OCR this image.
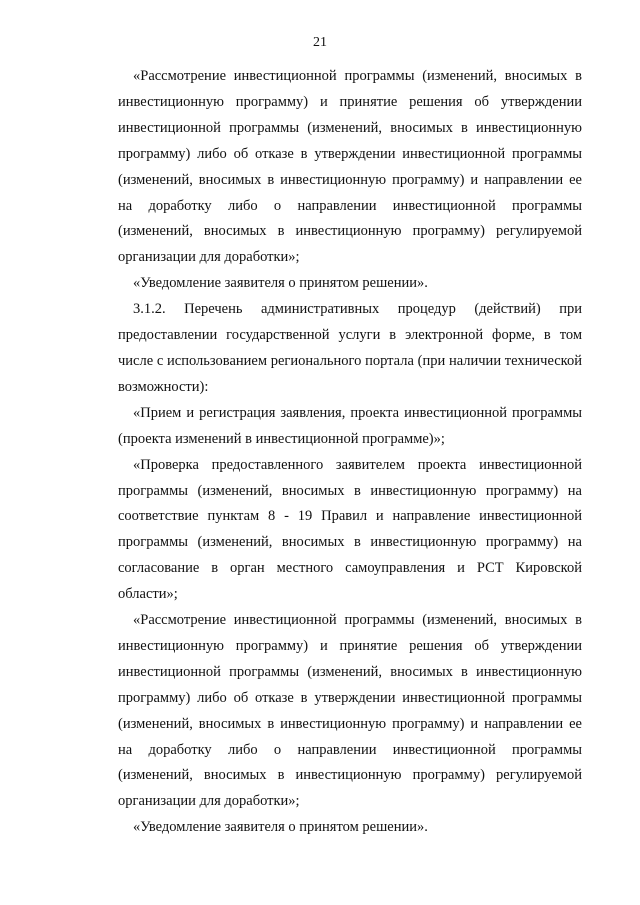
21

«Рассмотрение инвестиционной программы (изменений, вносимых в инвестиционную программу) и принятие решения об утверждении инвестиционной программы (изменений, вносимых в инвестиционную программу) либо об отказе в утверждении инвестиционной программы (изменений, вносимых в инвестиционную программу) и направлении ее на доработку либо о направлении инвестиционной программы (изменений, вносимых в инвестиционную программу) регулируемой организации для доработки»;

«Уведомление заявителя о принятом решении».

3.1.2. Перечень административных процедур (действий) при предоставлении государственной услуги в электронной форме, в том числе с использованием регионального портала (при наличии технической возможности):

«Прием и регистрация заявления, проекта инвестиционной программы (проекта изменений в инвестиционной программе)»;

«Проверка предоставленного заявителем проекта инвестиционной программы (изменений, вносимых в инвестиционную программу) на соответствие пунктам 8 - 19 Правил и направление инвестиционной программы (изменений, вносимых в инвестиционную программу) на согласование в орган местного самоуправления и РСТ Кировской области»;

«Рассмотрение инвестиционной программы (изменений, вносимых в инвестиционную программу) и принятие решения об утверждении инвестиционной программы (изменений, вносимых в инвестиционную программу) либо об отказе в утверждении инвестиционной программы (изменений, вносимых в инвестиционную программу) и направлении ее на доработку либо о направлении инвестиционной программы (изменений, вносимых в инвестиционную программу) регулируемой организации для доработки»;

«Уведомление заявителя о принятом решении».
